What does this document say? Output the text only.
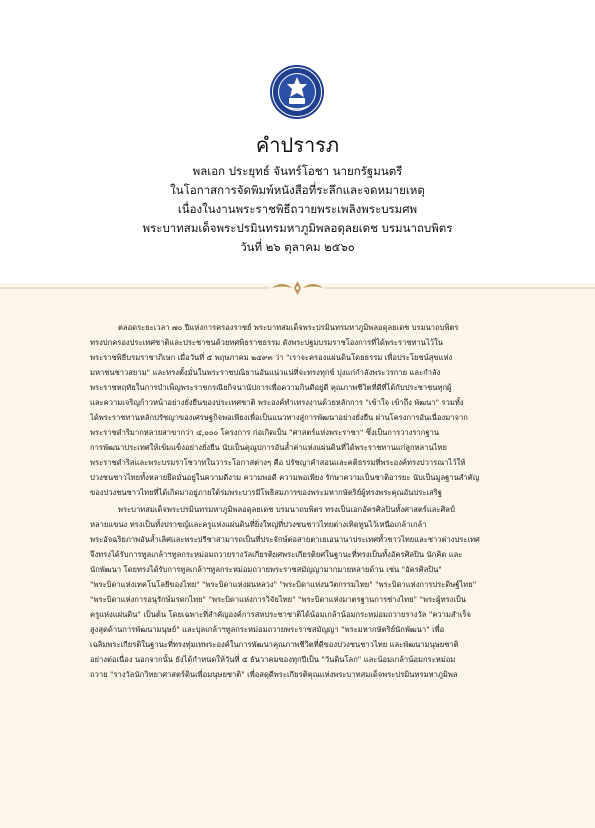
คำปรารภ
พลเอก ประยุทธ์ จันทร์โอชา นายกรัฐมนตรี
ในโอกาสการจัดพิมพ์หนังสือที่ระลึกและจดหมายเหตุ
เนื่องในงานพระราชพิธีถวายพระเพลิงพระบรมศพ
พระบาทสมเด็จพระปรมินทรมหาภูมิพลอดุลยเดช บรมนาถบพิตร
วันที่ ๒๖ ตุลาคม ๒๕๖๐
ตลอดระยะเวลา ๗๐ ปีแห่งการครองราชย์ พระบาทสมเด็จพระปรมินทรมหาภูมิพลอดุลยเดช บรมนาถบพิตร
ทรงปกครองประเทศชาติและประชาชนด้วยทศพิธราชธรรม ดังพระปฐมบรมราชโองการที่ได้พระราชทานไว้ใน
พระราชพิธีบรมราชาภิเษก เมื่อวันที่ ๕ พฤษภาคม ๒๔๙๓ ว่า "เราจะครองแผ่นดินโดยธรรม เพื่อประโยชน์สุขแห่ง
มหาชนชาวสยาม" และทรงตั้งมั่นในพระราชปณิธานอันแน่วแน่ที่จะทรงทุกข์ บุ่งแก่กำลังพระวรกาย และกำลัง
พระราชหฤทัยในการบำเพ็ญพระราชกรณียกิจนานัปการเพื่อความกินดีอยู่ดี คุณภาพชีวิตที่ดีที่ได้กับประชาชนทุกผู้
และความเจริญก้าวหน้าอย่างยั่งยืนของประเทศชาติ พระองค์ทำเทรงงานด้วยหลักการ "เข้าใจ เข้าถึง พัฒนา" รวมทั้ง
ได้พระราชทานหลักปรัชญาของเศรษฐกิจพอเพียงเพื่อเป็นแนวทางสู่การพัฒนาอย่างยั่งยืน ผ่านโครงการอันเนื่องมาจาก
พระราชดำริมากหลายสาขากว่า ๔,๐๐๐ โครงการ ก่อเกิดเป็น "ศาสตร์แห่งพระราชา" ซึ่งเป็นการวางรากฐาน
การพัฒนาประเทศให้เข้มแข็งอย่างยั่งยืน นับเป็นคุณูปการอันล้ำค่าแห่งแผ่นดินที่ได้พระราชทานแก่ลูกหลานไทย
พระราชดำริสและพระบรมราโชวาทในวาระโอกาสต่างๆ คือ ปรัชญาคำสอนและคติธรรมที่พระองค์ทรงปวารณาไว้ให้
ปวงชนชาวไทยทั้งหลายยึดมั่นอยู่ในความดีงาม ความพอดี ความพอเพียง รักษาความเป็นชาติอารยะ นับเป็นมูลฐานสำคัญ
ของปวงชนชาวไทยที่ได้เกิดมาอยู่ภายใต้ร่มพระบารมีโพธิสมภารของพระมหากษัตริย์ผู้ทรงพระคุณอันประเสริฐ
พระบาทสมเด็จพระปรมินทรมหาภูมิพลอดุลยเดช บรมนาถบพิตร ทรงเป็นเอกอัครศิลปินทั้งศาสตร์และศิลป์
หลายแขนง ทรงเป็นทั้งปราชญ์และครูแห่งแผ่นดินที่ยิ่งใหญ่ที่ปวงชนชาวไทยต่างเทิดทูนไว้เหนือเกล้าเกล้า
พระอัจฉริยภาพอันล้ำเลิศและพระปรีชาสามารถเป็นที่ประจักษ์ต่อสายตาเยเอนานาประเทศทั้วชาวไทยและชาวต่างประเทศ
จึงทรงได้รับการทูลเกล้าฯทูลกระหม่อมถวายรางวัลเกียรติยศพระเกียรติยศในฐานะที่ทรงเป็นทั้งอัครศิลปิน นักคิด และ
นักพัฒนา โดยทรงได้รับการทูลเกล้าฯทูลกระหม่อมถวายพระราชสมัญญามากมายหลายด้าน เช่น "อัครศิลปิน"
"พระบิดาแห่งเทคโนโลยีของไทย" "พระบิดาแห่งฝนหลวง" "พระบิดาแห่งนวัตกรรมไทย" "พระบิดาแห่งการประดิษฐ์ไทย"
"พระบิดาแห่งการอนุรักษ์มรดกไทย" "พระบิดาแห่งการวิจัยไทย" "พระบิดาแห่งมาตรฐานการช่างไทย" "พระผู้ทรงเป็น
ครูแห่งแผ่นดิน" เป็นต้น โดยเฉพาะที่สำคัญองค์การสหประชาชาติได้น้อมเกล้าน้อมกระหม่อมถวายรางวัล "ความสำเร็จ
สูงสุดด้านการพัฒนามนุษย์" และบุลเกล้าฯทูลกระหม่อมถวายพระราชสมัญญา "พระมหากษัตริย์นักพัฒนา" เพื่อ
เฉลิมพระเกียรติในฐานะที่ทรงทุ่มเทพระองค์ในการพัฒนาคุณภาพชีวิตที่ดีของปวงชนชาวไทย และพัฒนามนุษยชาติ
อย่างต่อเนื่อง นอกจากนั้น ยังได้กำหนดให้วันที่ ๕ ธันวาคมของทุกปีเป็น "วันดินโลก" และน้อมเกล้าน้อมกระหม่อม
ถวาย "รางวัลนักวิทยาศาสตร์ดินเพื่อมนุษยชาติ" เพื่อสดุดีพระเกียรติคุณแห่งพระบาทสมเด็จพระปรมินทรมหาภูมิพล
